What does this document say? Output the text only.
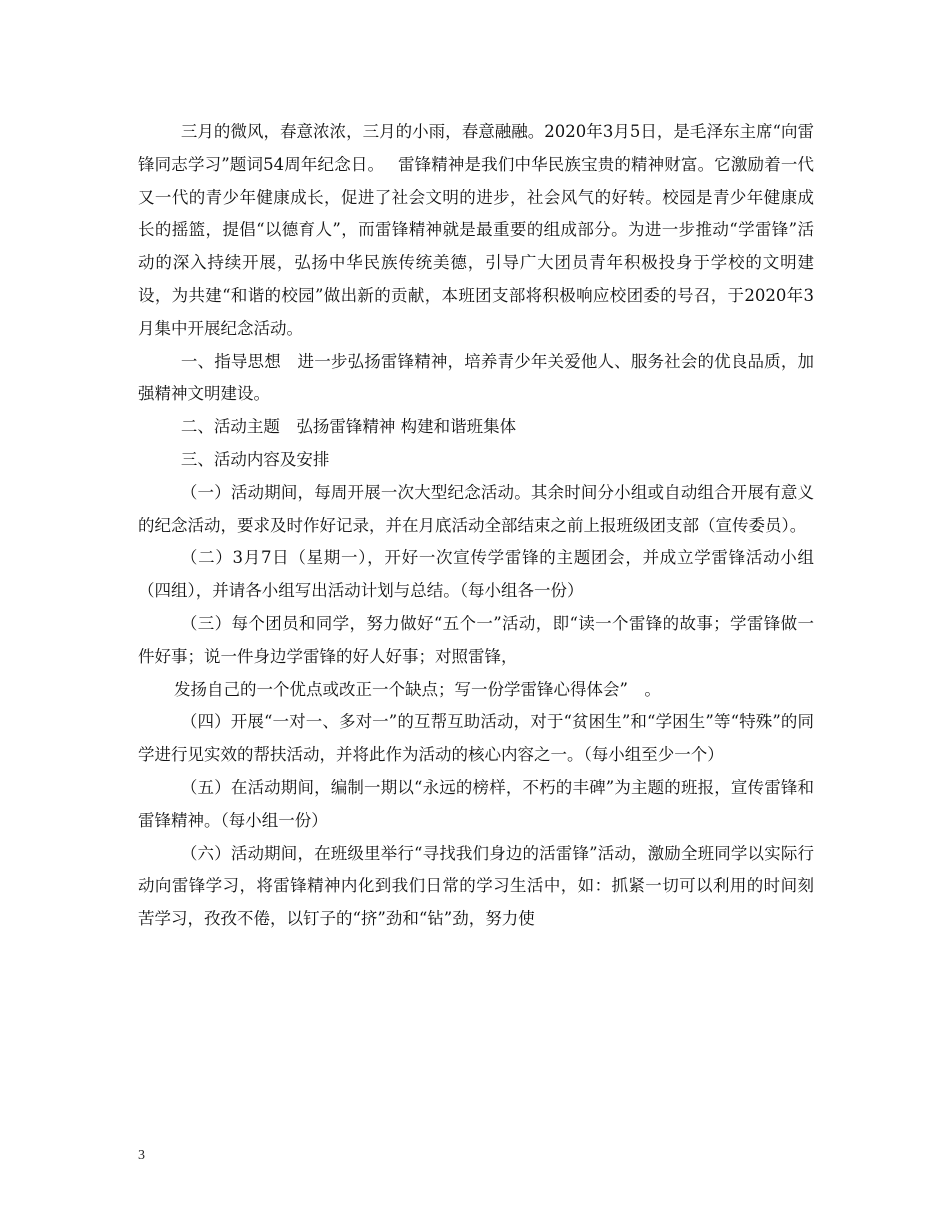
三月的微风，春意浓浓，三月的小雨，春意融融。2020年3月5日，是毛泽东主席“向雷锋同志学习”题词54周年纪念日。　 雷锋精神是我们中华民族宝贵的精神财富。它激励着一代又一代的青少年健康成长，促进了社会文明的进步，社会风气的好转。校园是青少年健康成长的摇篮，提倡“以德育人”，而雷锋精神就是最重要的组成部分。为进一步推动“学雷锋”活动的深入持续开展，弘扬中华民族传统美德，引导广大团员青年积极投身于学校的文明建设，为共建“和谐的校园”做出新的贡献，本班团支部将积极响应校团委的号召，于2020年3月集中开展纪念活动。

一、指导思想　进一步弘扬雷锋精神，培养青少年关爱他人、服务社会的优良品质，加强精神文明建设。

二、活动主题　弘扬雷锋精神 构建和谐班集体

三、活动内容及安排

（一）活动期间，每周开展一次大型纪念活动。其余时间分小组或自动组合开展有意义的纪念活动，要求及时作好记录，并在月底活动全部结束之前上报班级团支部（宣传委员）。

（二）3月7日（星期一），开好一次宣传学雷锋的主题团会，并成立学雷锋活动小组（四组），并请各小组写出活动计划与总结。（每小组各一份）

（三）每个团员和同学，努力做好“五个一”活动，即“读一个雷锋的故事；学雷锋做一件好事；说一件身边学雷锋的好人好事；对照雷锋，

发扬自己的一个优点或改正一个缺点；写一份学雷锋心得体会”　。

（四）开展“一对一、多对一”的互帮互助活动，对于“贫困生”和“学困生”等“特殊”的同学进行见实效的帮扶活动，并将此作为活动的核心内容之一。（每小组至少一个）

（五）在活动期间，编制一期以“永远的榜样，不朽的丰碑”为主题的班报，宣传雷锋和雷锋精神。（每小组一份）

（六）活动期间，在班级里举行“寻找我们身边的活雷锋”活动，激励全班同学以实际行动向雷锋学习，将雷锋精神内化到我们日常的学习生活中，如：抓紧一切可以利用的时间刻苦学习，孜孜不倦，以钉子的“挤”劲和“钻”劲，努力使

3
